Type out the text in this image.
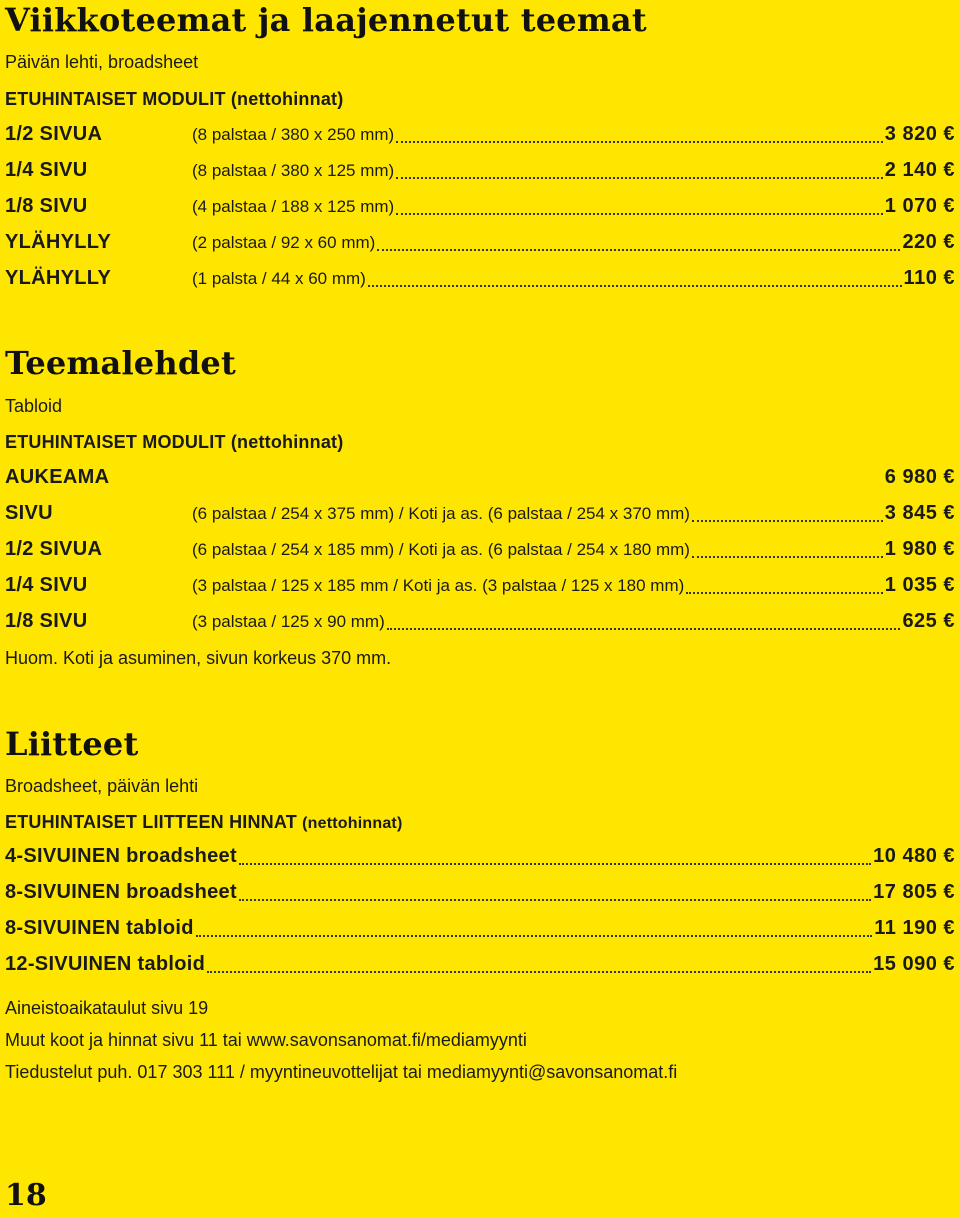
Viikkoteemat ja laajennetut teemat

Päivän lehti, broadsheet

ETUHINTAISET MODULIT (nettohinnat)

1/2 SIVUA	(8 palstaa / 380 x 250 mm)	3 820 €
1/4 SIVU	(8 palstaa / 380 x 125 mm)	2 140 €
1/8 SIVU	(4 palstaa / 188 x 125 mm)	1 070 €
YLÄHYLLY	(2 palstaa / 92 x 60 mm)	220 €
YLÄHYLLY	(1 palsta / 44 x 60 mm)	110 €
Teemalehdet

Tabloid

ETUHINTAISET MODULIT (nettohinnat)

AUKEAMA	6 980 €
SIVU	(6 palstaa / 254 x 375 mm) / Koti ja as. (6 palstaa / 254 x 370 mm)	3 845 €
1/2 SIVUA	(6 palstaa / 254 x 185 mm) / Koti ja as. (6 palstaa / 254 x 180 mm)	1 980 €
1/4 SIVU	(3 palstaa / 125 x 185 mm / Koti ja as. (3 palstaa / 125 x 180 mm)	1 035 €
1/8 SIVU	(3 palstaa / 125 x 90 mm)	625 €

Huom. Koti ja asuminen, sivun korkeus 370 mm.

Liitteet

Broadsheet, päivän lehti

ETUHINTAISET LIITTEEN HINNAT (nettohinnat)

4-SIVUINEN broadsheet	10 480 €
8-SIVUINEN broadsheet	17 805 €
8-SIVUINEN tabloid	11 190 €
12-SIVUINEN tabloid	15 090 €

Aineistoaikataulut sivu 19

Muut koot ja hinnat sivu 11 tai www.savonsanomat.fi/mediamyynti

Tiedustelut puh. 017 303 111 / myyntineuvottelijat tai mediamyynti@savonsanomat.fi

18
